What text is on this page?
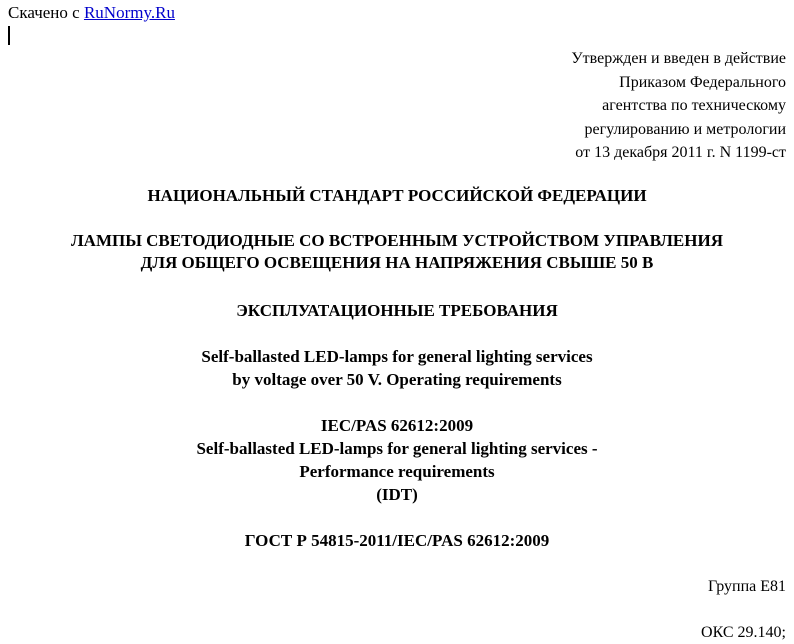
Скачено с RuNormy.Ru
Утвержден и введен в действие
Приказом Федерального
агентства по техническому
регулированию и метрологии
от 13 декабря 2011 г. N 1199-ст
НАЦИОНАЛЬНЫЙ СТАНДАРТ РОССИЙСКОЙ ФЕДЕРАЦИИ
ЛАМПЫ СВЕТОДИОДНЫЕ СО ВСТРОЕННЫМ УСТРОЙСТВОМ УПРАВЛЕНИЯ
ДЛЯ ОБЩЕГО ОСВЕЩЕНИЯ НА НАПРЯЖЕНИЯ СВЫШЕ 50 В
ЭКСПЛУАТАЦИОННЫЕ ТРЕБОВАНИЯ
Self-ballasted LED-lamps for general lighting services
by voltage over 50 V. Operating requirements
IEC/PAS 62612:2009
Self-ballasted LED-lamps for general lighting services -
Performance requirements
(IDT)
ГОСТ Р 54815-2011/IEC/PAS 62612:2009
Группа Е81
ОКС 29.140;
